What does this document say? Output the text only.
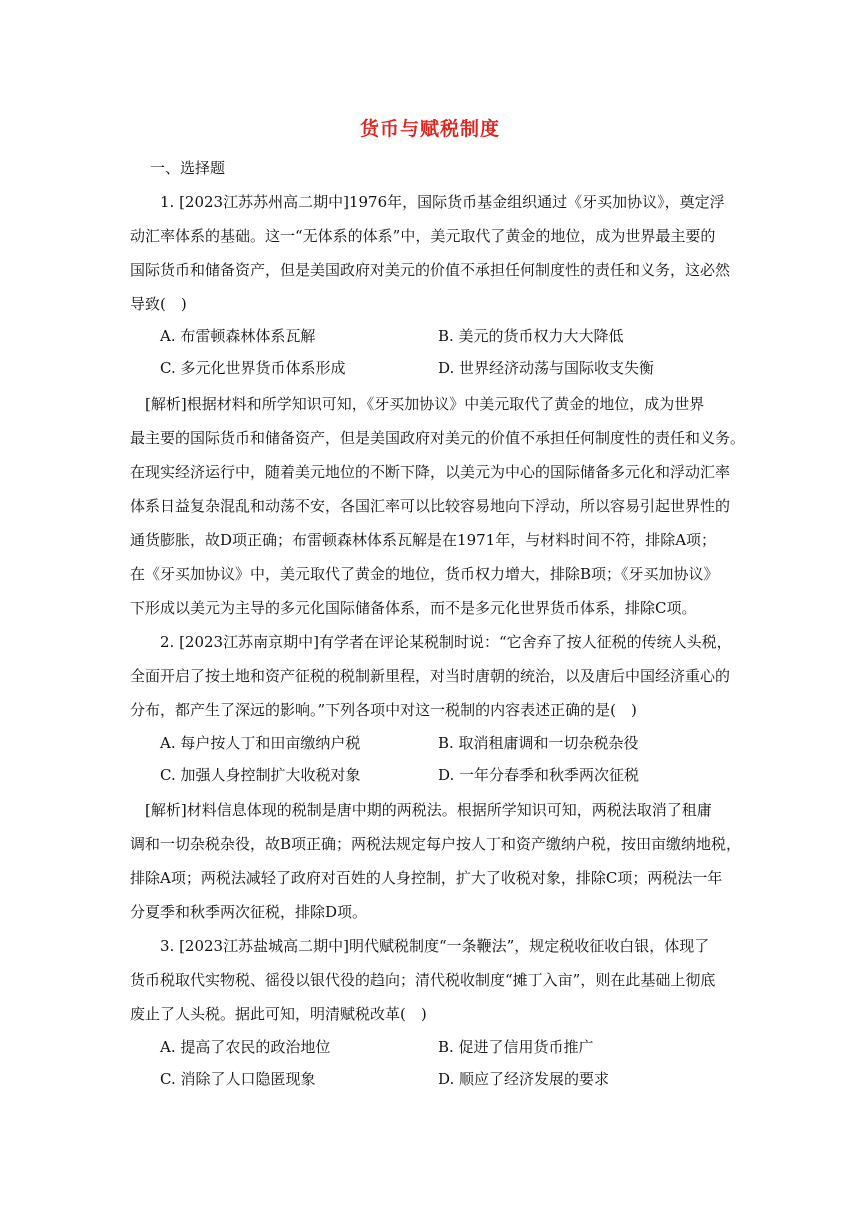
货币与赋税制度
一、选择题
1. [2023江苏苏州高二期中]1976年，国际货币基金组织通过《牙买加协议》，奠定浮
动汇率体系的基础。这一“无体系的体系”中，美元取代了黄金的地位，成为世界最主要的
国际货币和储备资产，但是美国政府对美元的价值不承担任何制度性的责任和义务，这必然
导致(　)
A. 布雷顿森林体系瓦解	B. 美元的货币权力大大降低
C. 多元化世界货币体系形成	D. 世界经济动荡与国际收支失衡
[解析]根据材料和所学知识可知，《牙买加协议》中美元取代了黄金的地位，成为世界
最主要的国际货币和储备资产，但是美国政府对美元的价值不承担任何制度性的责任和义务。
在现实经济运行中，随着美元地位的不断下降，以美元为中心的国际储备多元化和浮动汇率
体系日益复杂混乱和动荡不安，各国汇率可以比较容易地向下浮动，所以容易引起世界性的
通货膨胀，故D项正确；布雷顿森林体系瓦解是在1971年，与材料时间不符，排除A项；
在《牙买加协议》中，美元取代了黄金的地位，货币权力增大，排除B项；《牙买加协议》
下形成以美元为主导的多元化国际储备体系，而不是多元化世界货币体系，排除C项。
2. [2023江苏南京期中]有学者在评论某税制时说：“它舍弃了按人征税的传统人头税，
全面开启了按土地和资产征税的税制新里程，对当时唐朝的统治，以及唐后中国经济重心的
分布，都产生了深远的影响。”下列各项中对这一税制的内容表述正确的是(　)
A. 每户按人丁和田亩缴纳户税	B. 取消租庸调和一切杂税杂役
C. 加强人身控制扩大收税对象	D. 一年分春季和秋季两次征税
[解析]材料信息体现的税制是唐中期的两税法。根据所学知识可知，两税法取消了租庸
调和一切杂税杂役，故B项正确；两税法规定每户按人丁和资产缴纳户税，按田亩缴纳地税，
排除A项；两税法减轻了政府对百姓的人身控制，扩大了收税对象，排除C项；两税法一年
分夏季和秋季两次征税，排除D项。
3. [2023江苏盐城高二期中]明代赋税制度“一条鞭法”，规定税收征收白银，体现了
货币税取代实物税、徭役以银代役的趋向；清代税收制度“摊丁入亩”，则在此基础上彻底
废止了人头税。据此可知，明清赋税改革(　)
A. 提高了农民的政治地位	B. 促进了信用货币推广
C. 消除了人口隐匿现象	D. 顺应了经济发展的要求
